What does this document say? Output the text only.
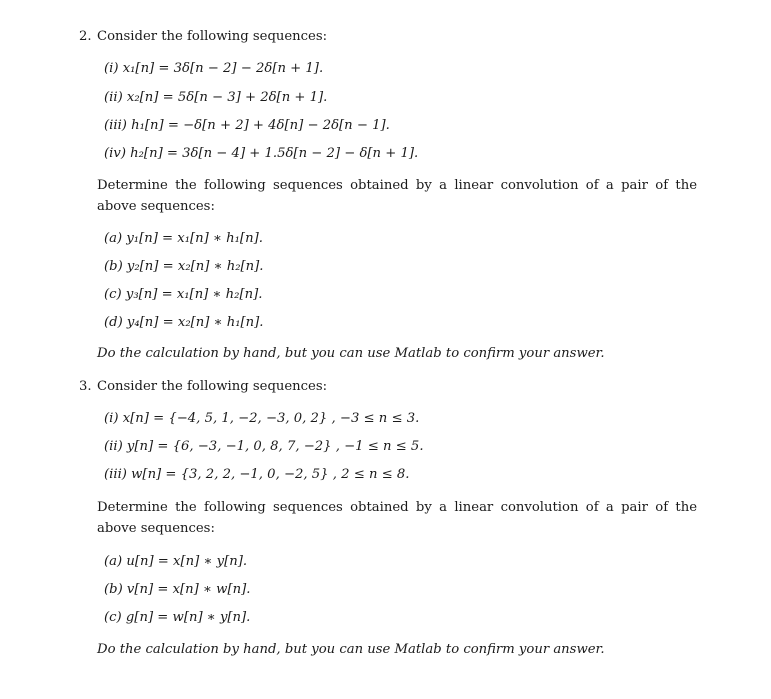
2. Consider the following sequences:
(i) x₁[n] = 3δ[n − 2] − 2δ[n + 1].
(ii) x₂[n] = 5δ[n − 3] + 2δ[n + 1].
(iii) h₁[n] = −δ[n + 2] + 4δ[n] − 2δ[n − 1].
(iv) h₂[n] = 3δ[n − 4] + 1.5δ[n − 2] − δ[n + 1].
Determine the following sequences obtained by a linear convolution of a pair of the above sequences:
(a) y₁[n] = x₁[n] ∗ h₁[n].
(b) y₂[n] = x₂[n] ∗ h₂[n].
(c) y₃[n] = x₁[n] ∗ h₂[n].
(d) y₄[n] = x₂[n] ∗ h₁[n].
Do the calculation by hand, but you can use Matlab to confirm your answer.
3. Consider the following sequences:
(i) x[n] = {−4, 5, 1, −2, −3, 0, 2} , −3 ≤ n ≤ 3.
(ii) y[n] = {6, −3, −1, 0, 8, 7, −2} , −1 ≤ n ≤ 5.
(iii) w[n] = {3, 2, 2, −1, 0, −2, 5} , 2 ≤ n ≤ 8.
Determine the following sequences obtained by a linear convolution of a pair of the above sequences:
(a) u[n] = x[n] ∗ y[n].
(b) v[n] = x[n] ∗ w[n].
(c) g[n] = w[n] ∗ y[n].
Do the calculation by hand, but you can use Matlab to confirm your answer.
